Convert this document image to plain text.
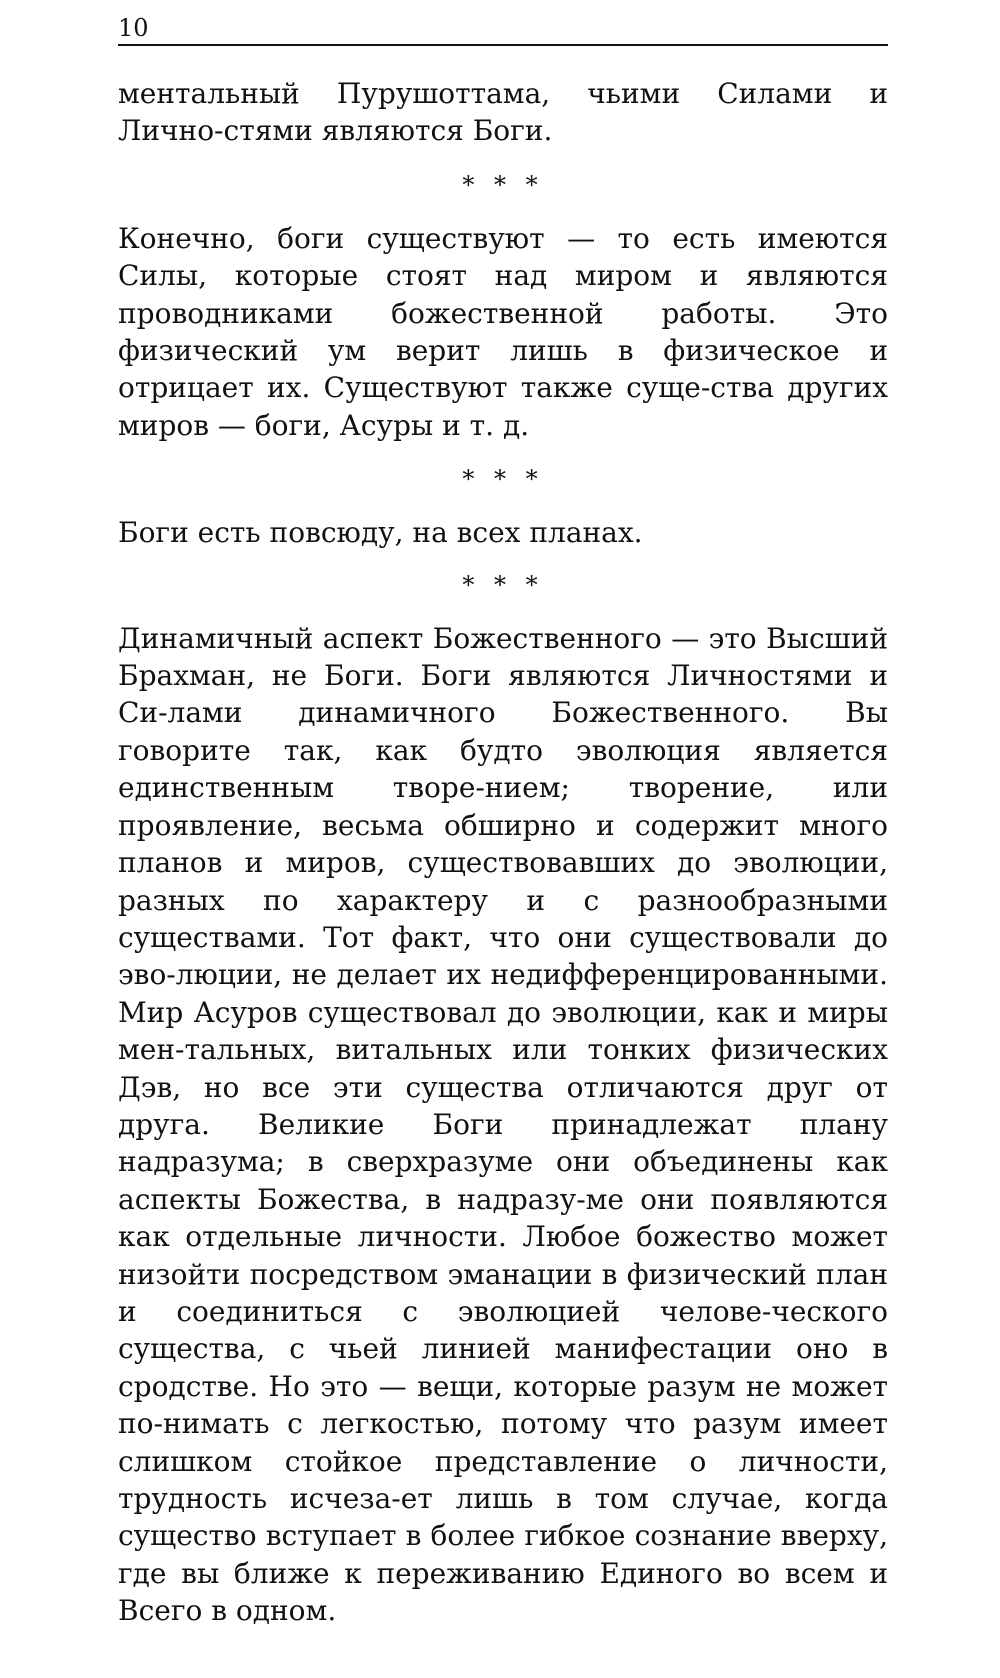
10

ментальный Пурушоттама, чьими Силами и Лично-стями являются Боги.

* * *

Конечно, боги существуют — то есть имеются Силы, которые стоят над миром и являются проводниками божественной работы. Это физический ум верит лишь в физическое и отрицает их. Существуют также суще-ства других миров — боги, Асуры и т. д.

* * *

Боги есть повсюду, на всех планах.

* * *

Динамичный аспект Божественного — это Высший Брахман, не Боги. Боги являются Личностями и Си-лами динамичного Божественного. Вы говорите так, как будто эволюция является единственным творе-нием; творение, или проявление, весьма обширно и содержит много планов и миров, существовавших до эволюции, разных по характеру и с разнообразными существами. Тот факт, что они существовали до эво-люции, не делает их недифференцированными. Мир Асуров существовал до эволюции, как и миры мен-тальных, витальных или тонких физических Дэв, но все эти существа отличаются друг от друга. Великие Боги принадлежат плану надразума; в сверхразуме они объединены как аспекты Божества, в надразу-ме они появляются как отдельные личности. Любое божество может низойти посредством эманации в физический план и соединиться с эволюцией челове-ческого существа, с чьей линией манифестации оно в сродстве. Но это — вещи, которые разум не может по-нимать с легкостью, потому что разум имеет слишком стойкое представление о личности, трудность исчеза-ет лишь в том случае, когда существо вступает в более гибкое сознание вверху, где вы ближе к переживанию Единого во всем и Всего в одном.
